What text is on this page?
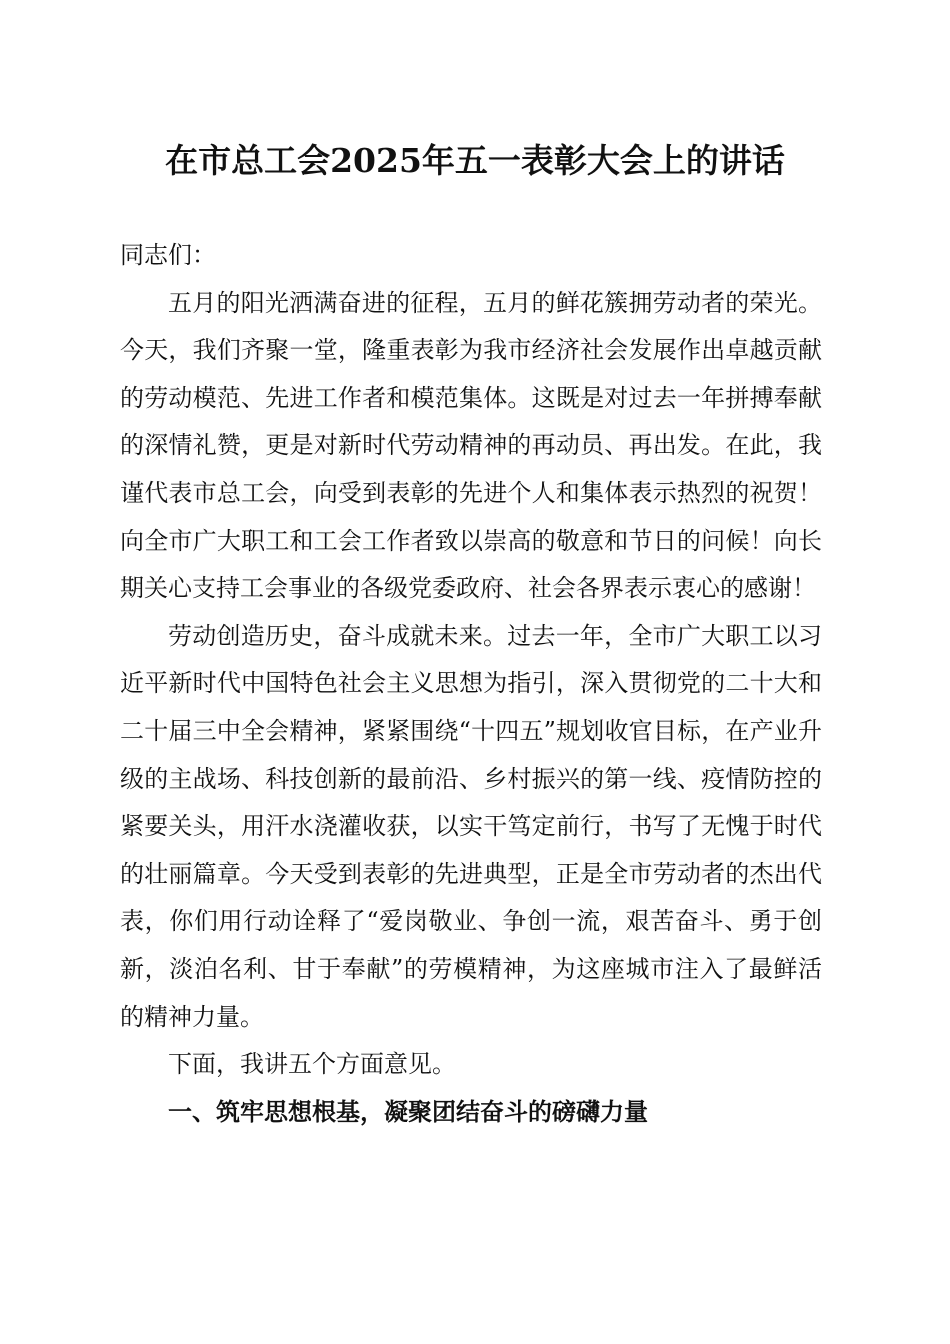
在市总工会2025年五一表彰大会上的讲话

同志们：

五月的阳光洒满奋进的征程，五月的鲜花簇拥劳动者的荣光。今天，我们齐聚一堂，隆重表彰为我市经济社会发展作出卓越贡献的劳动模范、先进工作者和模范集体。这既是对过去一年拼搏奉献的深情礼赞，更是对新时代劳动精神的再动员、再出发。在此，我谨代表市总工会，向受到表彰的先进个人和集体表示热烈的祝贺！向全市广大职工和工会工作者致以崇高的敬意和节日的问候！向长期关心支持工会事业的各级党委政府、社会各界表示衷心的感谢！

劳动创造历史，奋斗成就未来。过去一年，全市广大职工以习近平新时代中国特色社会主义思想为指引，深入贯彻党的二十大和二十届三中全会精神，紧紧围绕“十四五”规划收官目标，在产业升级的主战场、科技创新的最前沿、乡村振兴的第一线、疫情防控的紧要关头，用汗水浇灌收获，以实干笃定前行，书写了无愧于时代的壮丽篇章。今天受到表彰的先进典型，正是全市劳动者的杰出代表，你们用行动诠释了“爱岗敬业、争创一流，艰苦奋斗、勇于创新，淡泊名利、甘于奉献”的劳模精神，为这座城市注入了最鲜活的精神力量。

下面，我讲五个方面意见。

一、筑牢思想根基，凝聚团结奋斗的磅礴力量
